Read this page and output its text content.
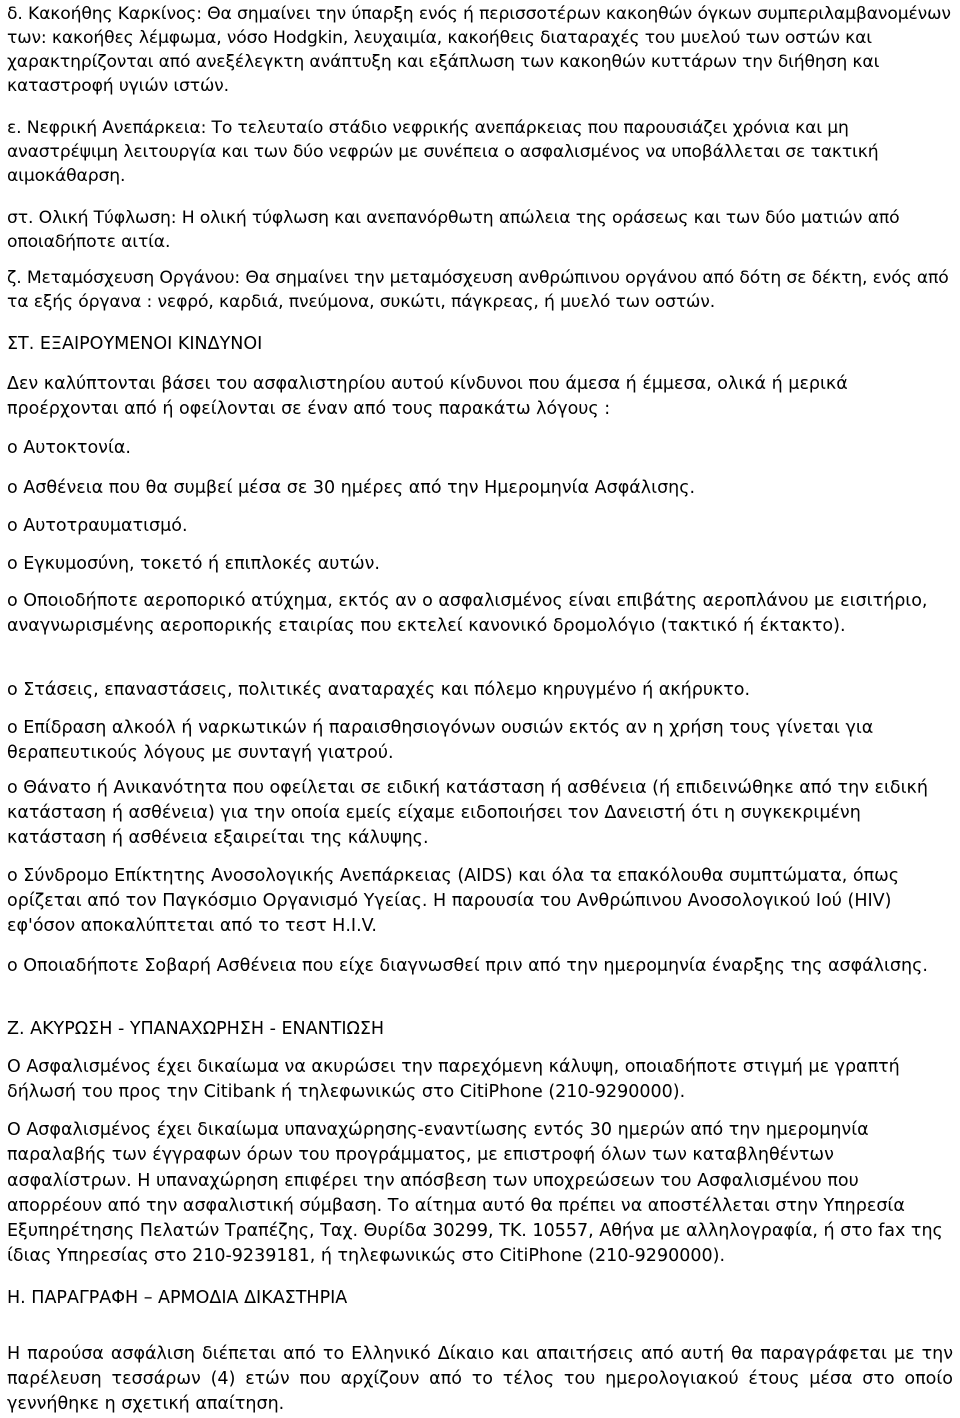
δ. Κακοήθης Καρκίνος: Θα σημαίνει την ύπαρξη ενός ή περισσοτέρων κακοηθών όγκων συμπεριλαμβανομένων των: κακοήθες λέμφωμα, νόσο Hodgkin, λευχαιμία, κακοήθεις διαταραχές του μυελού των οστών και χαρακτηρίζονται από ανεξέλεγκτη ανάπτυξη και εξάπλωση των κακοηθών κυττάρων την διήθηση και καταστροφή υγιών ιστών.

ε. Νεφρική Ανεπάρκεια: Το τελευταίο στάδιο νεφρικής ανεπάρκειας που παρουσιάζει χρόνια και μη αναστρέψιμη λειτουργία και των δύο νεφρών με συνέπεια ο ασφαλισμένος να υποβάλλεται σε τακτική αιμοκάθαρση.

στ. Ολική Τύφλωση: Η ολική τύφλωση και ανεπανόρθωτη απώλεια της οράσεως και των δύο ματιών από οποιαδήποτε αιτία.

ζ. Μεταμόσχευση Οργάνου: Θα σημαίνει την μεταμόσχευση ανθρώπινου οργάνου από δότη σε δέκτη, ενός από τα εξής όργανα : νεφρό, καρδιά, πνεύμονα, συκώτι, πάγκρεας, ή μυελό των οστών.

ΣΤ. ΕΞΑΙΡΟΥΜΕΝΟΙ ΚΙΝΔΥΝΟΙ

Δεν καλύπτονται βάσει του ασφαλιστηρίου αυτού κίνδυνοι που άμεσα ή έμμεσα, ολικά ή μερικά προέρχονται από ή οφείλονται σε έναν από τους παρακάτω λόγους :

ο Αυτοκτονία.

ο Ασθένεια που θα συμβεί μέσα σε 30 ημέρες από την Ημερομηνία Ασφάλισης.

ο Αυτοτραυματισμό.

ο Εγκυμοσύνη, τοκετό ή επιπλοκές αυτών.

ο Οποιοδήποτε αεροπορικό ατύχημα, εκτός αν ο ασφαλισμένος είναι επιβάτης αεροπλάνου με εισιτήριο, αναγνωρισμένης αεροπορικής εταιρίας που εκτελεί κανονικό δρομολόγιο (τακτικό ή έκτακτο).

ο Στάσεις, επαναστάσεις, πολιτικές αναταραχές και πόλεμο κηρυγμένο ή ακήρυκτο.

ο Επίδραση αλκοόλ ή ναρκωτικών ή παραισθησιογόνων ουσιών εκτός αν η χρήση τους γίνεται για θεραπευτικούς λόγους με συνταγή γιατρού.

ο Θάνατο ή Ανικανότητα που οφείλεται σε ειδική κατάσταση ή ασθένεια (ή επιδεινώθηκε από την ειδική κατάσταση ή ασθένεια) για την οποία εμείς είχαμε ειδοποιήσει τον Δανειστή ότι η συγκεκριμένη κατάσταση ή ασθένεια εξαιρείται της κάλυψης.

ο Σύνδρομο Επίκτητης Ανοσολογικής Ανεπάρκειας (AIDS) και όλα τα επακόλουθα συμπτώματα, όπως ορίζεται από τον Παγκόσμιο Οργανισμό Υγείας. Η παρουσία του Ανθρώπινου Ανοσολογικού Ιού (HIV) εφ'όσον αποκαλύπτεται από το τεστ Η.Ι.V.

ο Οποιαδήποτε Σοβαρή Ασθένεια που είχε διαγνωσθεί πριν από την ημερομηνία έναρξης της ασφάλισης.

Ζ. ΑΚΥΡΩΣΗ - ΥΠΑΝΑΧΩΡΗΣΗ - ΕΝΑΝΤΙΩΣΗ

Ο Ασφαλισμένος έχει δικαίωμα να ακυρώσει την παρεχόμενη κάλυψη, οποιαδήποτε στιγμή με γραπτή δήλωσή του προς την Citibank ή τηλεφωνικώς στο CitiPhone (210-9290000).

Ο Ασφαλισμένος έχει δικαίωμα υπαναχώρησης-εναντίωσης εντός 30 ημερών από την ημερομηνία παραλαβής των έγγραφων όρων του προγράμματος, με επιστροφή όλων των καταβληθέντων ασφαλίστρων. Η υπαναχώρηση επιφέρει την απόσβεση των υποχρεώσεων του Ασφαλισμένου που απορρέουν από την ασφαλιστική σύμβαση. Το αίτημα αυτό θα πρέπει να αποστέλλεται στην Υπηρεσία Εξυπηρέτησης Πελατών Τραπέζης, Ταχ. Θυρίδα 30299, ΤΚ. 10557, Αθήνα με αλληλογραφία, ή στο fax της ίδιας Υπηρεσίας στο 210-9239181, ή τηλεφωνικώς στο CitiPhone (210-9290000).

Η. ΠΑΡΑΓΡΑΦΗ – ΑΡΜΟΔΙΑ ΔΙΚΑΣΤΗΡΙΑ

Η παρούσα ασφάλιση διέπεται από το Ελληνικό Δίκαιο και απαιτήσεις από αυτή θα παραγράφεται με την παρέλευση τεσσάρων (4) ετών που αρχίζουν από το τέλος του ημερολογιακού έτους μέσα στο οποίο γεννήθηκε η σχετική απαίτηση.
